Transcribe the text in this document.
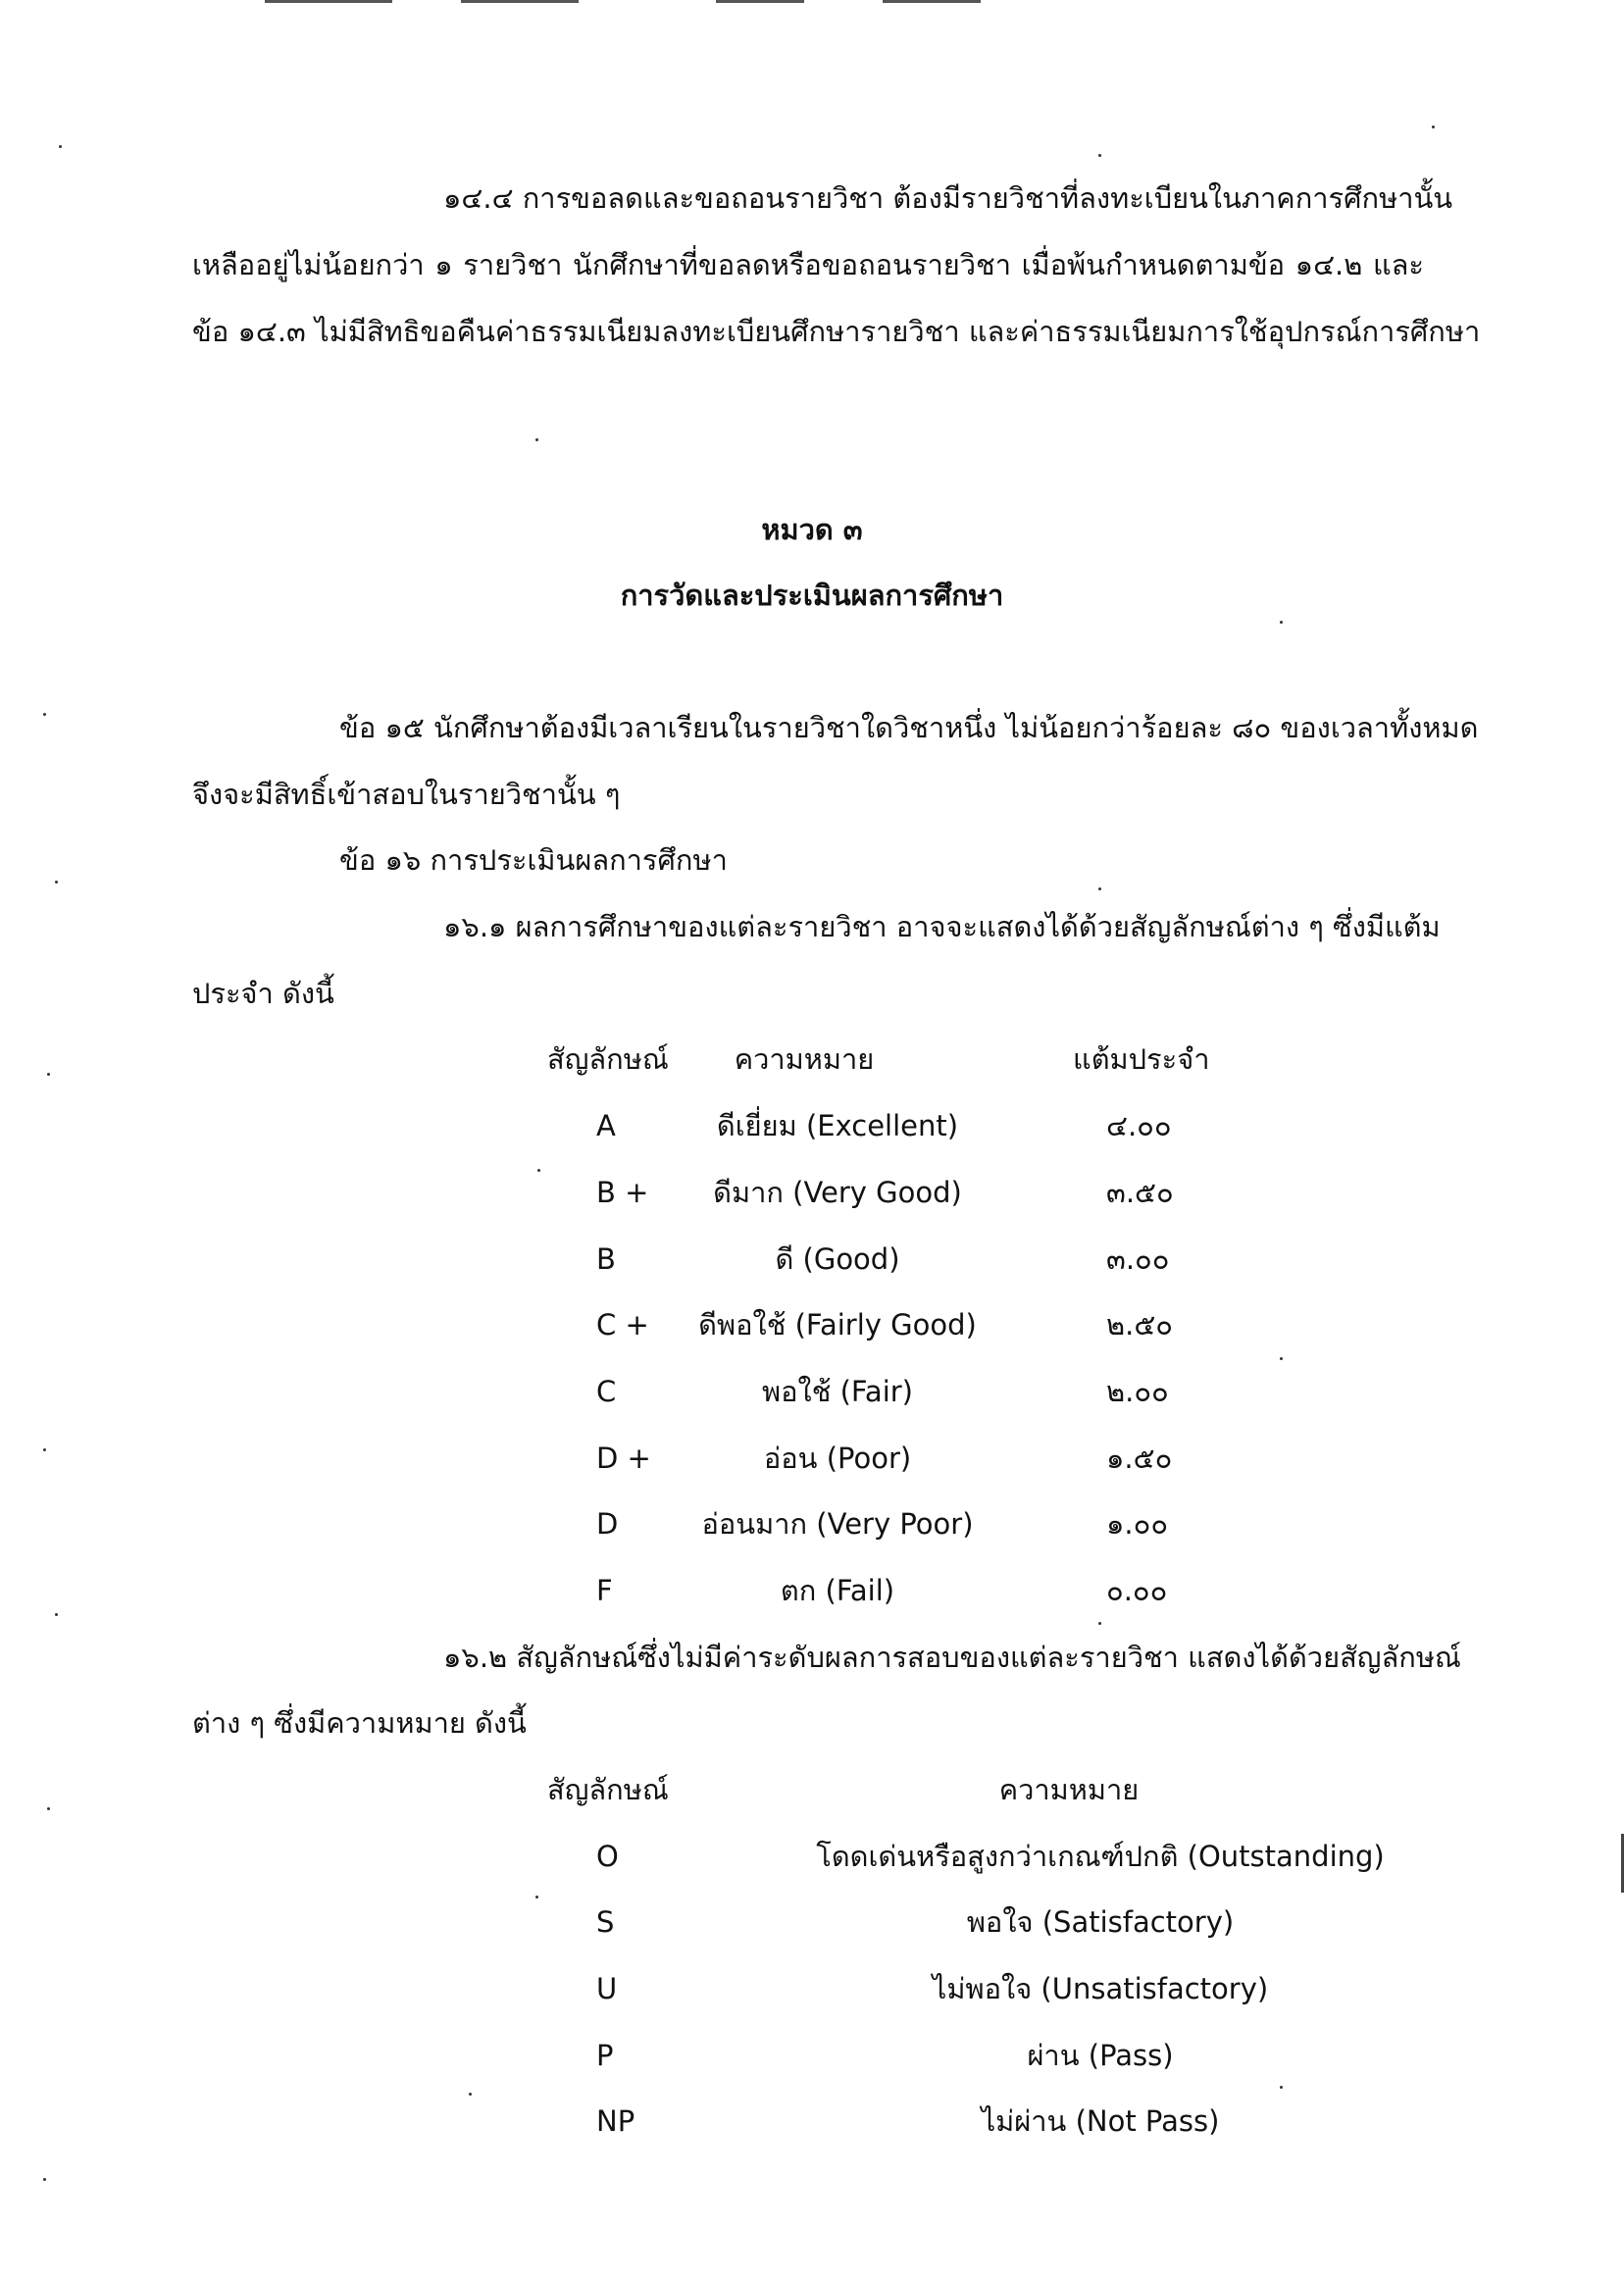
๑๔.๔ การขอลดและขอถอนรายวิชา ต้องมีรายวิชาที่ลงทะเบียนในภาคการศึกษานั้น
เหลืออยู่ไม่น้อยกว่า ๑ รายวิชา นักศึกษาที่ขอลดหรือขอถอนรายวิชา เมื่อพ้นกำหนดตามข้อ ๑๔.๒ และ
ข้อ ๑๔.๓ ไม่มีสิทธิขอคืนค่าธรรมเนียมลงทะเบียนศึกษารายวิชา และค่าธรรมเนียมการใช้อุปกรณ์การศึกษา
หมวด ๓
การวัดและประเมินผลการศึกษา
ข้อ ๑๕ นักศึกษาต้องมีเวลาเรียนในรายวิชาใดวิชาหนึ่ง ไม่น้อยกว่าร้อยละ ๘๐ ของเวลาทั้งหมด
จึงจะมีสิทธิ์เข้าสอบในรายวิชานั้น ๆ
ข้อ ๑๖ การประเมินผลการศึกษา
๑๖.๑ ผลการศึกษาของแต่ละรายวิชา อาจจะแสดงได้ด้วยสัญลักษณ์ต่าง ๆ ซึ่งมีแต้ม
ประจำ ดังนี้
สัญลักษณ์ ความหมาย	แต้มประจำ
A	ดีเยี่ยม (Excellent)	๔.๐๐
B + ดีมาก (Very Good)	๓.๕๐
B	ดี (Good)	๓.๐๐
C + ดีพอใช้ (Fairly Good)	๒.๕๐
C	พอใช้ (Fair)	๒.๐๐
D +	อ่อน (Poor)	๑.๕๐
D	อ่อนมาก (Very Poor)	๑.๐๐
F	ตก (Fail)	๐.๐๐
๑๖.๒ สัญลักษณ์ซึ่งไม่มีค่าระดับผลการสอบของแต่ละรายวิชา แสดงได้ด้วยสัญลักษณ์
ต่าง ๆ ซึ่งมีความหมาย ดังนี้
สัญลักษณ์	ความหมาย
O	โดดเด่นหรือสูงกว่าเกณฑ์ปกติ (Outstanding)
S	พอใจ (Satisfactory)
U	ไม่พอใจ (Unsatisfactory)
P	ผ่าน (Pass)
NP	ไม่ผ่าน (Not Pass)
